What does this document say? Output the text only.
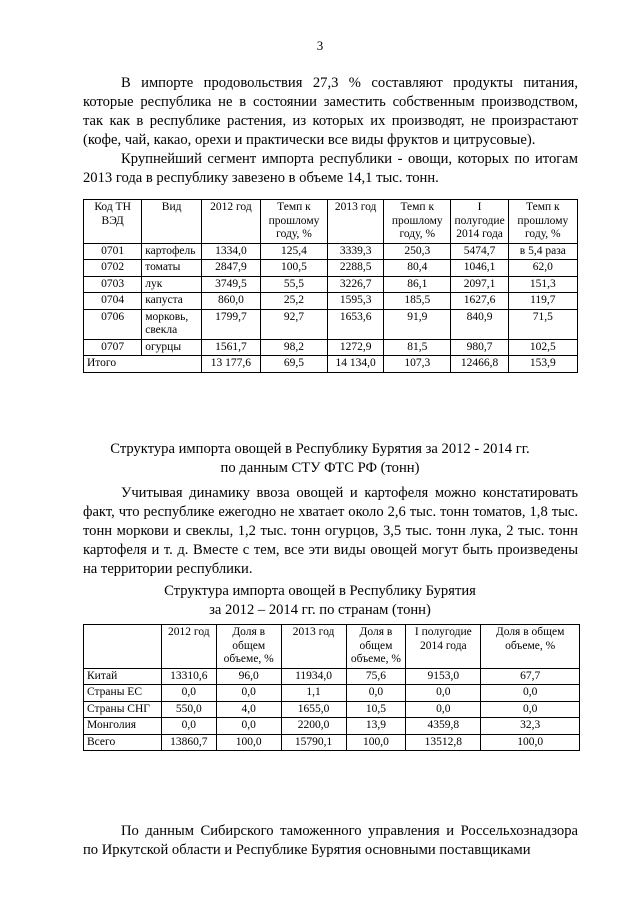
3

В импорте продовольствия 27,3 % составляют продукты питания, которые республика не в состоянии заместить собственным производством, так как в республике растения, из которых их производят, не произрастают (кофе, чай, какао, орехи и практически все виды фруктов и цитрусовые).

Крупнейший сегмент импорта республики - овощи, которых по итогам 2013 года в республику завезено в объеме 14,1 тыс. тонн.

Код ТН ВЭД	Вид	2012 год	Темп к прошлому году, %	2013 год	Темп к прошлому году, %	I полугодие 2014 года	Темп к прошлому году, %
0701	картофель	1334,0	125,4	3339,3	250,3	5474,7	в 5,4 раза
0702	томаты	2847,9	100,5	2288,5	80,4	1046,1	62,0
0703	лук	3749,5	55,5	3226,7	86,1	2097,1	151,3
0704	капуста	860,0	25,2	1595,3	185,5	1627,6	119,7
0706	морковь, свекла	1799,7	92,7	1653,6	91,9	840,9	71,5
0707	огурцы	1561,7	98,2	1272,9	81,5	980,7	102,5
Итого		13 177,6	69,5	14 134,0	107,3	12466,8	153,9

Структура импорта овощей в Республику Бурятия за 2012 - 2014 гг.

по данным СТУ ФТС РФ (тонн)

Учитывая динамику ввоза овощей и картофеля можно констатировать факт, что республике ежегодно не хватает около 2,6 тыс. тонн томатов, 1,8 тыс. тонн моркови и свеклы, 1,2 тыс. тонн огурцов, 3,5 тыс. тонн лука, 2 тыс. тонн картофеля и т. д. Вместе с тем, все эти виды овощей могут быть произведены на территории республики.

Структура импорта овощей в Республику Бурятия

за 2012 – 2014 гг. по странам (тонн)

	2012 год	Доля в общем объеме, %	2013 год	Доля в общем объеме, %	I полугодие 2014 года	Доля в общем объеме, %
Китай	13310,6	96,0	11934,0	75,6	9153,0	67,7
Страны ЕС	0,0	0,0	1,1	0,0	0,0	0,0
Страны СНГ	550,0	4,0	1655,0	10,5	0,0	0,0
Монголия	0,0	0,0	2200,0	13,9	4359,8	32,3
Всего	13860,7	100,0	15790,1	100,0	13512,8	100,0

По данным Сибирского таможенного управления и Россельхознадзора по Иркутской области и Республике Бурятия основными поставщиками
